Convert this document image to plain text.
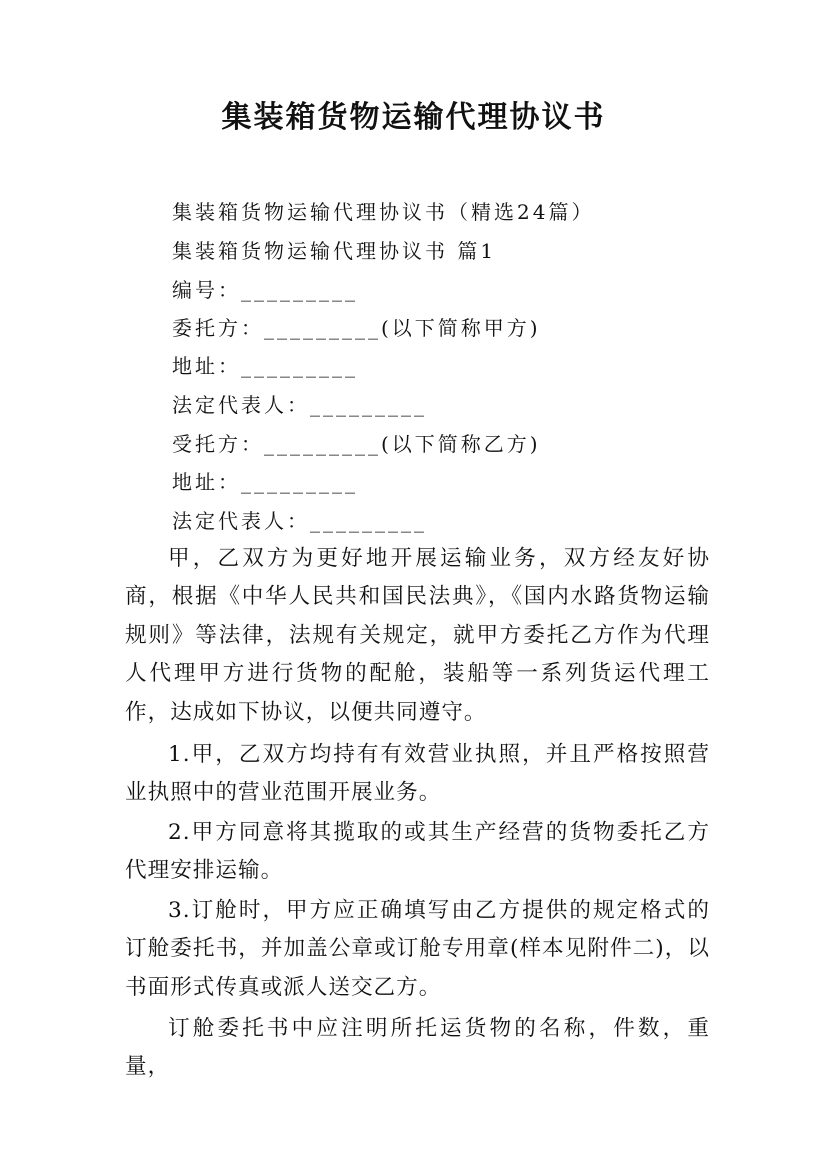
集装箱货物运输代理协议书
集装箱货物运输代理协议书（精选24篇）
集装箱货物运输代理协议书 篇1
编号：_________
委托方：_________(以下简称甲方)
地址：_________
法定代表人：_________
受托方：_________(以下简称乙方)
地址：_________
法定代表人：_________
甲，乙双方为更好地开展运输业务，双方经友好协商，根据《中华人民共和国民法典》，《国内水路货物运输规则》等法律，法规有关规定，就甲方委托乙方作为代理人代理甲方进行货物的配舱，装船等一系列货运代理工作，达成如下协议，以便共同遵守。
1.甲，乙双方均持有有效营业执照，并且严格按照营业执照中的营业范围开展业务。
2.甲方同意将其揽取的或其生产经营的货物委托乙方代理安排运输。
3.订舱时，甲方应正确填写由乙方提供的规定格式的订舱委托书，并加盖公章或订舱专用章(样本见附件二)，以书面形式传真或派人送交乙方。
订舱委托书中应注明所托运货物的名称，件数，重量，
